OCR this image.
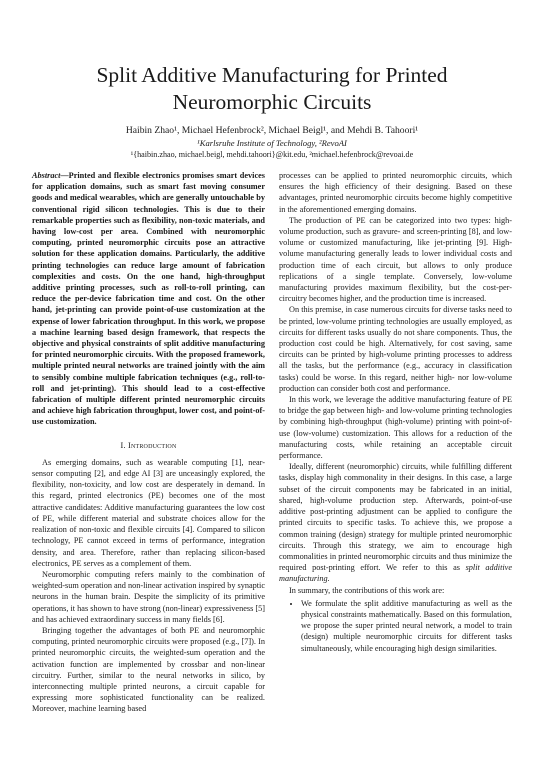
Split Additive Manufacturing for Printed
Neuromorphic Circuits
Haibin Zhao¹, Michael Hefenbrock², Michael Beigl¹, and Mehdi B. Tahoori¹
¹Karlsruhe Institute of Technology, ²RevoAI
¹{haibin.zhao, michael.beigl, mehdi.tahoori}@kit.edu, ²michael.hefenbrock@revoai.de
Abstract—Printed and flexible electronics promises smart devices for application domains, such as smart fast moving consumer goods and medical wearables, which are generally untouchable by conventional rigid silicon technologies. This is due to their remarkable properties such as flexibility, non-toxic materials, and having low-cost per area. Combined with neuromorphic computing, printed neuromorphic circuits pose an attractive solution for these application domains. Particularly, the additive printing technologies can reduce large amount of fabrication complexities and costs. On the one hand, high-throughput additive printing processes, such as roll-to-roll printing, can reduce the per-device fabrication time and cost. On the other hand, jet-printing can provide point-of-use customization at the expense of lower fabrication throughput. In this work, we propose a machine learning based design framework, that respects the objective and physical constraints of split additive manufacturing for printed neuromorphic circuits. With the proposed framework, multiple printed neural networks are trained jointly with the aim to sensibly combine multiple fabrication techniques (e.g., roll-to-roll and jet-printing). This should lead to a cost-effective fabrication of multiple different printed neuromorphic circuits and achieve high fabrication throughput, lower cost, and point-of-use customization.
I. Introduction

As emerging domains, such as wearable computing [1], near-sensor computing [2], and edge AI [3] are unceasingly explored, the flexibility, non-toxicity, and low cost are desperately in demand. In this regard, printed electronics (PE) becomes one of the most attractive candidates: Additive manufacturing guarantees the low cost of PE, while different material and substrate choices allow for the realization of non-toxic and flexible circuits [4]. Compared to silicon technology, PE cannot exceed in terms of performance, integration density, and area. Therefore, rather than replacing silicon-based electronics, PE serves as a complement of them.

Neuromorphic computing refers mainly to the combination of weighted-sum operation and non-linear activation inspired by synaptic neurons in the human brain. Despite the simplicity of its primitive operations, it has shown to have strong (non-linear) expressiveness [5] and has achieved extraordinary success in many fields [6].

Bringing together the advantages of both PE and neuromorphic computing, printed neuromorphic circuits were proposed (e.g., [7]). In printed neuromorphic circuits, the weighted-sum operation and the activation function are implemented by crossbar and non-linear circuitry. Further, similar to the neural networks in silico, by interconnecting multiple printed neurons, a circuit capable for expressing more sophisticated functionality can be realized. Moreover, machine learning based

processes can be applied to printed neuromorphic circuits, which ensures the high efficiency of their designing. Based on these advantages, printed neuromorphic circuits become highly competitive in the aforementioned emerging domains.

The production of PE can be categorized into two types: high-volume production, such as gravure- and screen-printing [8], and low-volume or customized manufacturing, like jet-printing [9]. High-volume manufacturing generally leads to lower individual costs and production time of each circuit, but allows to only produce replications of a single template. Conversely, low-volume manufacturing provides maximum flexibility, but the cost-per-circuitry becomes higher, and the production time is increased.

On this premise, in case numerous circuits for diverse tasks need to be printed, low-volume printing technologies are usually employed, as circuits for different tasks usually do not share components. Thus, the production cost could be high. Alternatively, for cost saving, same circuits can be printed by high-volume printing processes to address all the tasks, but the performance (e.g., accuracy in classification tasks) could be worse. In this regard, neither high- nor low-volume production can consider both cost and performance.

In this work, we leverage the additive manufacturing feature of PE to bridge the gap between high- and low-volume printing technologies by combining high-throughput (high-volume) printing with point-of-use (low-volume) customization. This allows for a reduction of the manufacturing costs, while retaining an acceptable circuit performance.

Ideally, different (neuromorphic) circuits, while fulfilling different tasks, display high commonality in their designs. In this case, a large subset of the circuit components may be fabricated in an initial, shared, high-volume production step. Afterwards, point-of-use additive post-printing adjustment can be applied to configure the printed circuits to specific tasks. To achieve this, we propose a common training (design) strategy for multiple printed neuromorphic circuits. Through this strategy, we aim to encourage high commonalities in printed neuromorphic circuits and thus minimize the required post-printing effort. We refer to this as split additive manufacturing.

In summary, the contributions of this work are:

• We formulate the split additive manufacturing as well as the physical constraints mathematically. Based on this formulation, we propose the super printed neural network, a model to train (design) multiple neuromorphic circuits for different tasks simultaneously, while encouraging high design similarities.
